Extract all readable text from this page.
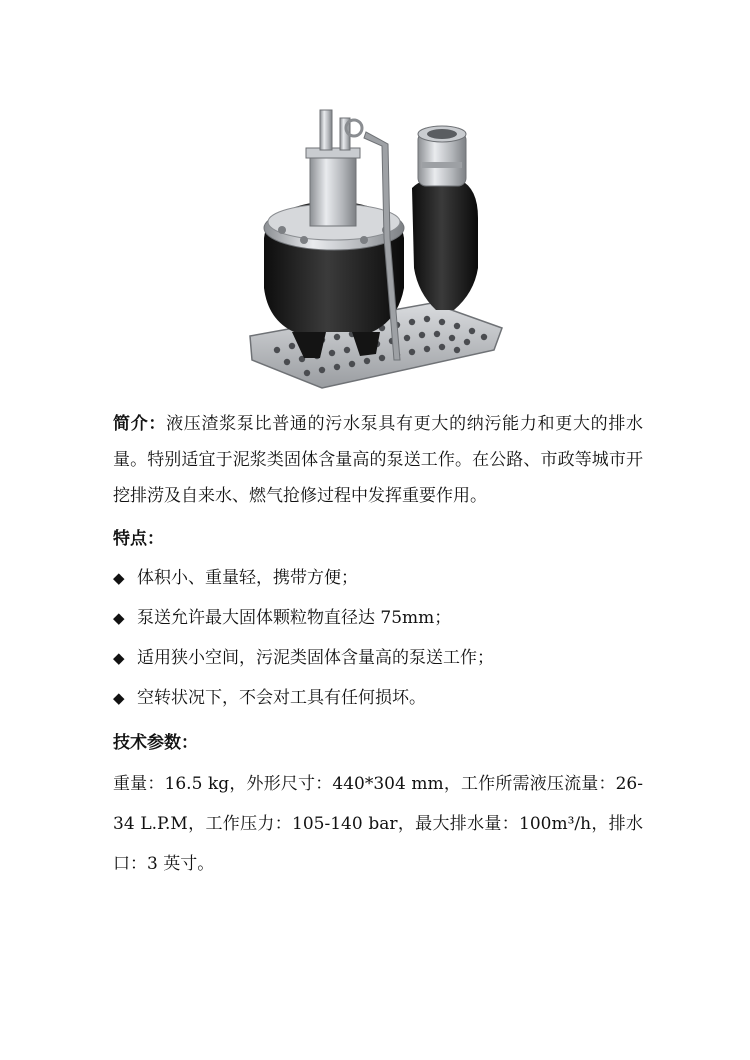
简介：液压渣浆泵比普通的污水泵具有更大的纳污能力和更大的排水量。特别适宜于泥浆类固体含量高的泵送工作。在公路、市政等城市开挖排涝及自来水、燃气抢修过程中发挥重要作用。

特点：
◆ 体积小、重量轻，携带方便；
◆ 泵送允许最大固体颗粒物直径达 75mm；
◆ 适用狭小空间，污泥类固体含量高的泵送工作；
◆ 空转状况下，不会对工具有任何损坏。
技术参数：

重量：16.5 kg，外形尺寸：440*304 mm，工作所需液压流量：26-34 L.P.M，工作压力：105-140 bar，最大排水量：100m³/h，排水口：3 英寸。
